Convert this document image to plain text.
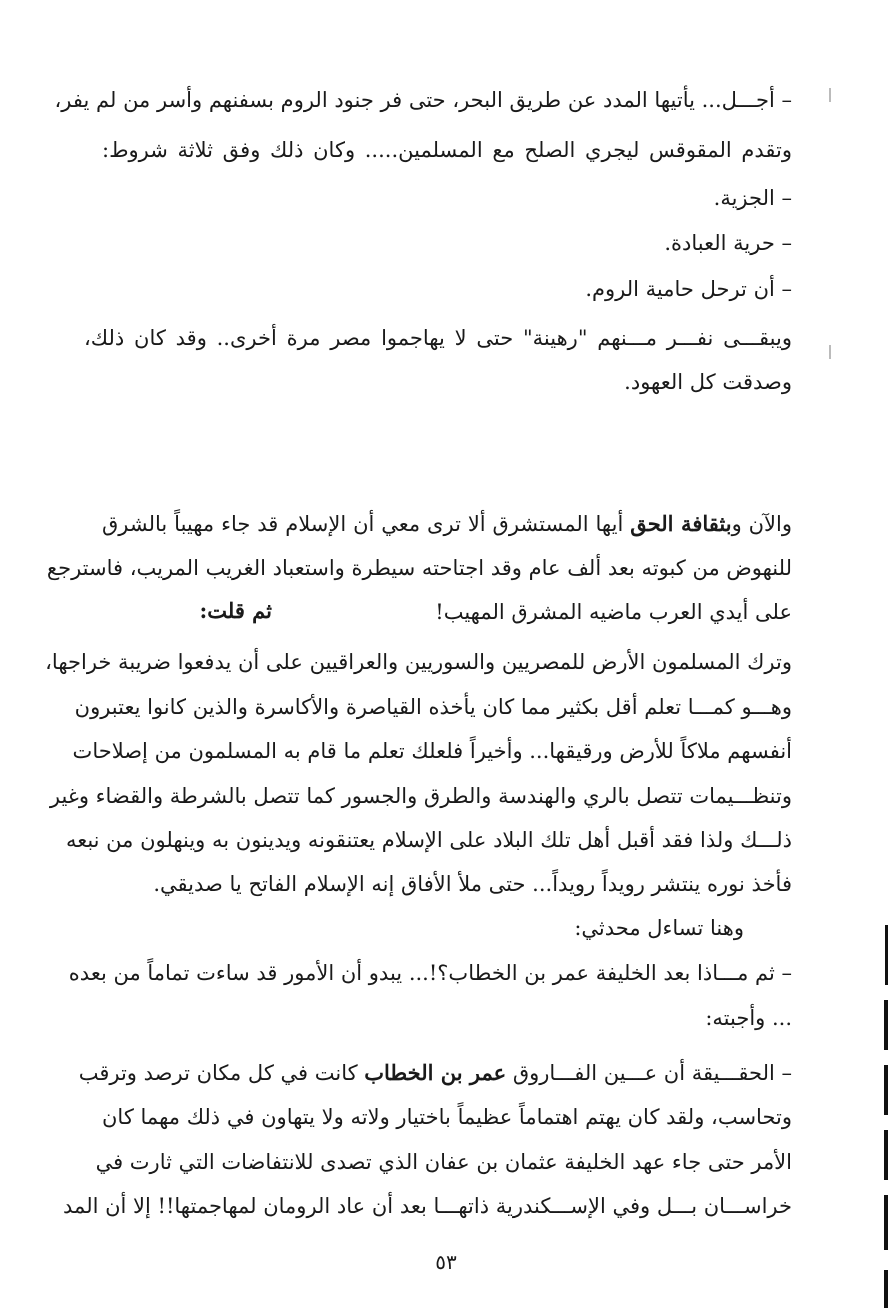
– أجـــل... يأتيها المدد عن طريق البحر، حتى فر جنود الروم بسفنهم وأسر من لم يفر،
وتقدم المقوقس ليجري الصلح مع المسلمين..... وكان ذلك وفق ثلاثة شروط:
– الجزية.
– حرية العبادة.
– أن ترحل حامية الروم.
ويبقـــى نفـــر مـــنهم "رهينة" حتى لا يهاجموا مصر مرة أخرى.. وقد كان ذلك،
وصدقت كل العهود.
والآن وبثقافة الحق أيها المستشرق ألا ترى معي أن الإسلام قد جاء مهيباً بالشرق
للنهوض من كبوته بعد ألف عام وقد اجتاحته سيطرة واستعباد الغريب المريب، فاسترجع
على أيدي العرب ماضيه المشرق المهيب!
ثم قلت:
وترك المسلمون الأرض للمصريين والسوريين والعراقيين على أن يدفعوا ضريبة خراجها،
وهـــو كمـــا تعلم أقل بكثير مما كان يأخذه القياصرة والأكاسرة والذين كانوا يعتبرون
أنفسهم ملاكاً للأرض ورقيقها... وأخيراً فلعلك تعلم ما قام به المسلمون من إصلاحات
وتنظـــيمات تتصل بالري والهندسة والطرق والجسور كما تتصل بالشرطة والقضاء وغير
ذلـــك ولذا فقد أقبل أهل تلك البلاد على الإسلام يعتنقونه ويدينون به وينهلون من نبعه
فأخذ نوره ينتشر رويداً رويداً... حتى ملأ الأفاق إنه الإسلام الفاتح يا صديقي.
وهنا تساءل محدثي:
– ثم مـــاذا بعد الخليفة عمر بن الخطاب؟!... يبدو أن الأمور قد ساءت تماماً من بعده
... وأجبته:
– الحقـــيقة أن عـــين الفـــاروق عمر بن الخطاب كانت في كل مكان ترصد وترقب
وتحاسب، ولقد كان يهتم اهتماماً عظيماً باختيار ولاته ولا يتهاون في ذلك مهما كان
الأمر حتى جاء عهد الخليفة عثمان بن عفان الذي تصدى للانتفاضات التي ثارت في
خراســـان بـــل وفي الإســـكندرية ذاتهـــا بعد أن عاد الرومان لمهاجمتها!! إلا أن المد
٥٣
